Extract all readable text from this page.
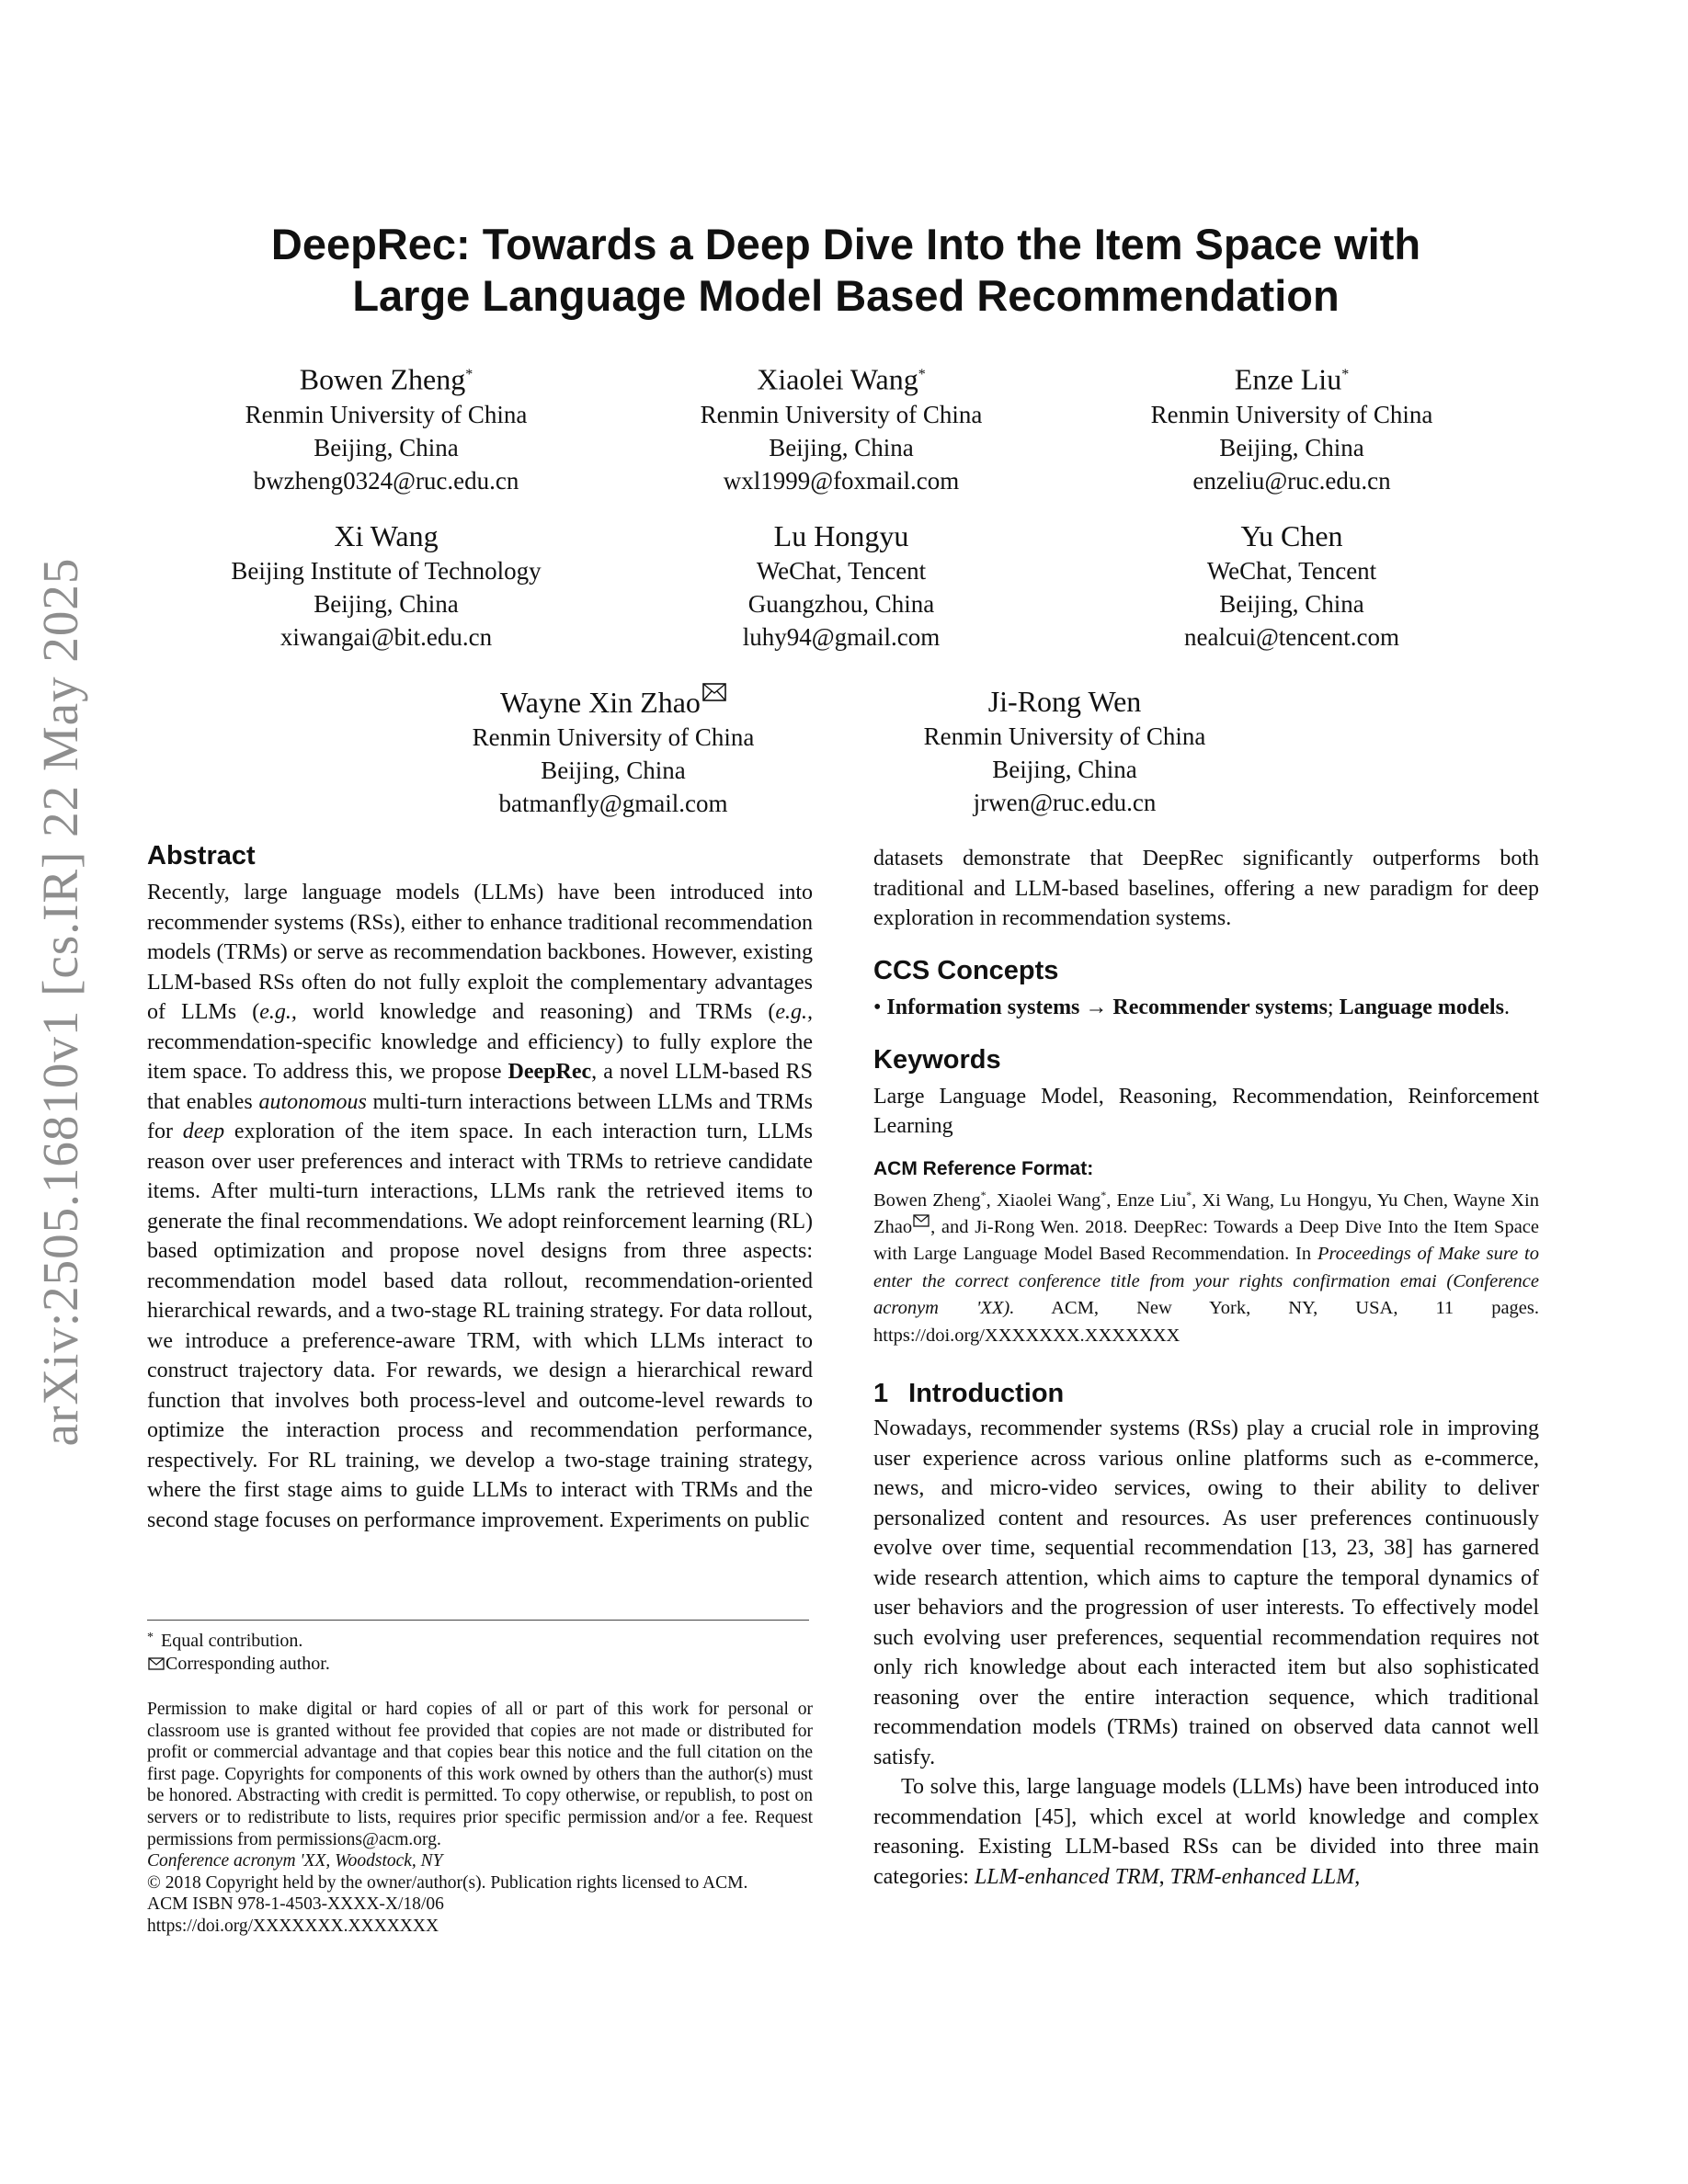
arXiv:2505.16810v1 [cs.IR] 22 May 2025
DeepRec: Towards a Deep Dive Into the Item Space with
Large Language Model Based Recommendation
Bowen Zheng*
Renmin University of China
Beijing, China
bwzheng0324@ruc.edu.cn
Xiaolei Wang*
Renmin University of China
Beijing, China
wxl1999@foxmail.com
Enze Liu*
Renmin University of China
Beijing, China
enzeliu@ruc.edu.cn
Xi Wang
Beijing Institute of Technology
Beijing, China
xiwangai@bit.edu.cn
Lu Hongyu
WeChat, Tencent
Guangzhou, China
luhy94@gmail.com
Yu Chen
WeChat, Tencent
Beijing, China
nealcui@tencent.com
Wayne Xin Zhao
Renmin University of China
Beijing, China
batmanfly@gmail.com
Ji-Rong Wen
Renmin University of China
Beijing, China
jrwen@ruc.edu.cn
Abstract

Recently, large language models (LLMs) have been introduced into recommender systems (RSs), either to enhance traditional recommendation models (TRMs) or serve as recommendation backbones. However, existing LLM-based RSs often do not fully exploit the complementary advantages of LLMs (e.g., world knowledge and reasoning) and TRMs (e.g., recommendation-specific knowledge and efficiency) to fully explore the item space. To address this, we propose DeepRec, a novel LLM-based RS that enables autonomous multi-turn interactions between LLMs and TRMs for deep exploration of the item space. In each interaction turn, LLMs reason over user preferences and interact with TRMs to retrieve candidate items. After multi-turn interactions, LLMs rank the retrieved items to generate the final recommendations. We adopt reinforcement learning (RL) based optimization and propose novel designs from three aspects: recommendation model based data rollout, recommendation-oriented hierarchical rewards, and a two-stage RL training strategy. For data rollout, we introduce a preference-aware TRM, with which LLMs interact to construct trajectory data. For rewards, we design a hierarchical reward function that involves both process-level and outcome-level rewards to optimize the interaction process and recommendation performance, respectively. For RL training, we develop a two-stage training strategy, where the first stage aims to guide LLMs to interact with TRMs and the second stage focuses on performance improvement. Experiments on public

* Equal contribution.
Corresponding author.

Permission to make digital or hard copies of all or part of this work for personal or classroom use is granted without fee provided that copies are not made or distributed for profit or commercial advantage and that copies bear this notice and the full citation on the first page. Copyrights for components of this work owned by others than the author(s) must be honored. Abstracting with credit is permitted. To copy otherwise, or republish, to post on servers or to redistribute to lists, requires prior specific permission and/or a fee. Request permissions from permissions@acm.org.

Conference acronym 'XX, Woodstock, NY

© 2018 Copyright held by the owner/author(s). Publication rights licensed to ACM.

ACM ISBN 978-1-4503-XXXX-X/18/06

https://doi.org/XXXXXXX.XXXXXXX

datasets demonstrate that DeepRec significantly outperforms both traditional and LLM-based baselines, offering a new paradigm for deep exploration in recommendation systems.

CCS Concepts

• Information systems → Recommender systems; Language models.

Keywords

Large Language Model, Reasoning, Recommendation, Reinforcement Learning

ACM Reference Format:

Bowen Zheng*, Xiaolei Wang*, Enze Liu*, Xi Wang, Lu Hongyu, Yu Chen, Wayne Xin Zhao , and Ji-Rong Wen. 2018. DeepRec: Towards a Deep Dive Into the Item Space with Large Language Model Based Recommendation. In Proceedings of Make sure to enter the correct conference title from your rights confirmation emai (Conference acronym 'XX). ACM, New York, NY, USA, 11 pages. https://doi.org/XXXXXXX.XXXXXXX

1 Introduction

Nowadays, recommender systems (RSs) play a crucial role in improving user experience across various online platforms such as e-commerce, news, and micro-video services, owing to their ability to deliver personalized content and resources. As user preferences continuously evolve over time, sequential recommendation [13, 23, 38] has garnered wide research attention, which aims to capture the temporal dynamics of user behaviors and the progression of user interests. To effectively model such evolving user preferences, sequential recommendation requires not only rich knowledge about each interacted item but also sophisticated reasoning over the entire interaction sequence, which traditional recommendation models (TRMs) trained on observed data cannot well satisfy.

To solve this, large language models (LLMs) have been introduced into recommendation [45], which excel at world knowledge and complex reasoning. Existing LLM-based RSs can be divided into three main categories: LLM-enhanced TRM, TRM-enhanced LLM,
